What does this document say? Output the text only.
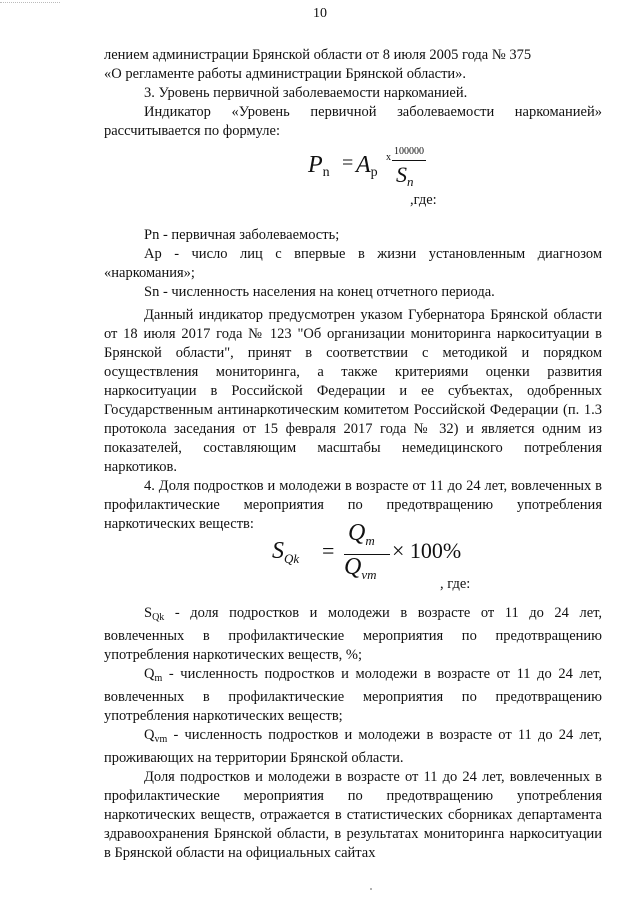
10

лением администрации Брянской области от 8 июля 2005 года № 375

«О регламенте работы администрации Брянской области».

3. Уровень первичной заболеваемости наркоманией.

Индикатор «Уровень первичной заболеваемости наркоманией» рассчитывается по формуле:

$P_n = A_p$
x
100000
$S_n$
,где:

Pn - первичная заболеваемость;

Ap - число лиц с впервые в жизни установленным диагнозом «наркомания»;

Sn - численность населения на конец отчетного периода.

Данный индикатор предусмотрен указом Губернатора Брянской области от 18 июля 2017 года № 123 "Об организации мониторинга наркоситуации в Брянской области", принят в соответствии с методикой и порядком осуществления мониторинга, а также критериями оценки развития наркоситуации в Российской Федерации и ее субъектах, одобренных Государственным антинаркотическим комитетом Российской Федерации (п. 1.3 протокола заседания от 15 февраля 2017 года № 32) и является одним из показателей, составляющим масштабы немедицинского потребления наркотиков.

4. Доля подростков и молодежи в возрасте от 11 до 24 лет, вовлеченных в профилактические мероприятия по предотвращению употребления наркотических веществ:

$S_{Qk}$ =
$Q_m$
$Q_{vm}$
× 100%
, где:

$S_{Qk}$ - доля подростков и молодежи в возрасте от 11 до 24 лет, вовлеченных в профилактические мероприятия по предотвращению употребления наркотических веществ, %;

$Q_m$ - численность подростков и молодежи в возрасте от 11 до 24 лет, вовлеченных в профилактические мероприятия по предотвращению употребления наркотических веществ;

$Q_{vm}$ - численность подростков и молодежи в возрасте от 11 до 24 лет, проживающих на территории Брянской области.

Доля подростков и молодежи в возрасте от 11 до 24 лет, вовлеченных в профилактические мероприятия по предотвращению употребления наркотических веществ, отражается в статистических сборниках департамента здравоохранения Брянской области, в результатах мониторинга наркоситуации в Брянской области на официальных сайтах
